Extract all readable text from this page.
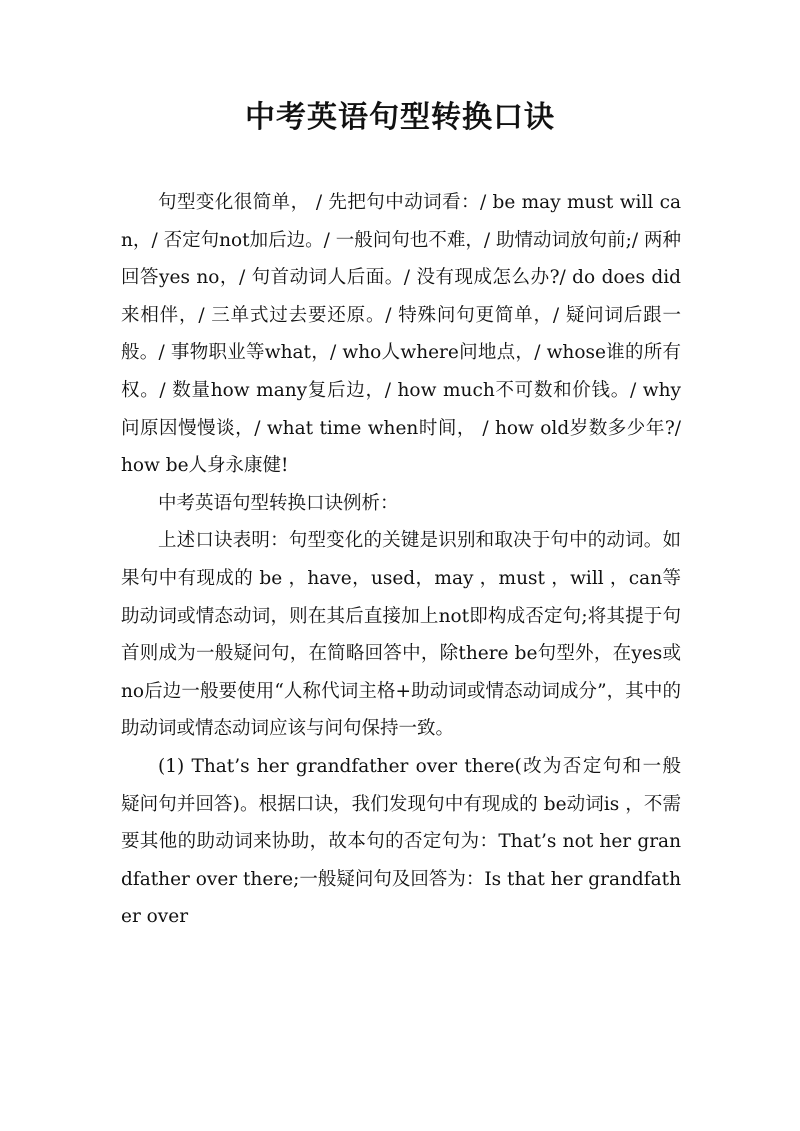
中考英语句型转换口诀

句型变化很简单， / 先把句中动词看：/ be may must will can，/ 否定句not加后边。/ 一般问句也不难，/ 助情动词放句前;/ 两种回答yes no，/ 句首动词人后面。/ 没有现成怎么办?/ do does did来相伴，/ 三单式过去要还原。/ 特殊问句更简单，/ 疑问词后跟一般。/ 事物职业等what，/ who人where问地点，/ whose谁的所有权。/ 数量how many复后边，/ how much不可数和价钱。/ why问原因慢慢谈，/ what time when时间， / how old岁数多少年?/ how be人身永康健!

中考英语句型转换口诀例析：

上述口诀表明：句型变化的关键是识别和取决于句中的动词。如果句中有现成的 be ，have，used，may ，must ，will ，can等助动词或情态动词，则在其后直接加上not即构成否定句;将其提于句首则成为一般疑问句，在简略回答中，除there be句型外，在yes或no后边一般要使用“人称代词主格+助动词或情态动词成分”，其中的助动词或情态动词应该与问句保持一致。

(1) That’s her grandfather over there(改为否定句和一般疑问句并回答)。根据口诀，我们发现句中有现成的 be动词is ，不需要其他的助动词来协助，故本句的否定句为：That’s not her grandfather over there;一般疑问句及回答为：Is that her grandfather over
